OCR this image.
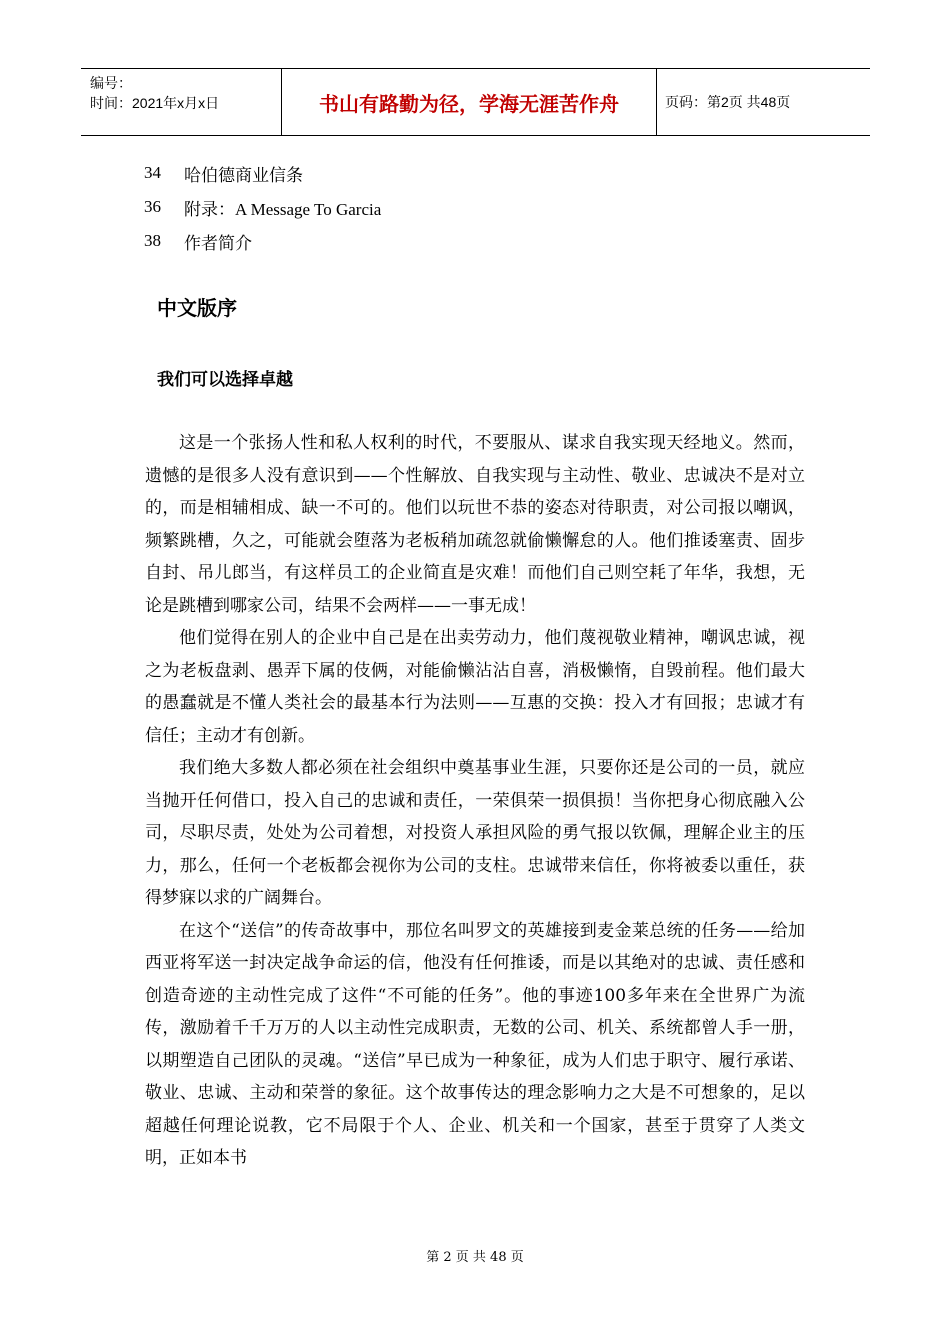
编号：
时间：2021年x月x日	书山有路勤为径，学海无涯苦作舟	页码：第2页 共48页
34	哈伯德商业信条
36	附录：A Message To Garcia
38	作者简介
中文版序
我们可以选择卓越

这是一个张扬人性和私人权利的时代，不要服从、谋求自我实现天经地义。然而，遗憾的是很多人没有意识到——个性解放、自我实现与主动性、敬业、忠诚决不是对立的，而是相辅相成、缺一不可的。他们以玩世不恭的姿态对待职责，对公司报以嘲讽，频繁跳槽，久之，可能就会堕落为老板稍加疏忽就偷懒懈怠的人。他们推诿塞责、固步自封、吊儿郎当，有这样员工的企业简直是灾难！而他们自己则空耗了年华，我想，无论是跳槽到哪家公司，结果不会两样——一事无成！

他们觉得在别人的企业中自己是在出卖劳动力，他们蔑视敬业精神，嘲讽忠诚，视之为老板盘剥、愚弄下属的伎俩，对能偷懒沾沾自喜，消极懒惰，自毁前程。他们最大的愚蠢就是不懂人类社会的最基本行为法则——互惠的交换：投入才有回报；忠诚才有信任；主动才有创新。

我们绝大多数人都必须在社会组织中奠基事业生涯，只要你还是公司的一员，就应当抛开任何借口，投入自己的忠诚和责任，一荣俱荣一损俱损！当你把身心彻底融入公司，尽职尽责，处处为公司着想，对投资人承担风险的勇气报以钦佩，理解企业主的压力，那么，任何一个老板都会视你为公司的支柱。忠诚带来信任，你将被委以重任，获得梦寐以求的广阔舞台。

在这个“送信”的传奇故事中，那位名叫罗文的英雄接到麦金莱总统的任务——给加西亚将军送一封决定战争命运的信，他没有任何推诿，而是以其绝对的忠诚、责任感和创造奇迹的主动性完成了这件“不可能的任务”。他的事迹100多年来在全世界广为流传，激励着千千万万的人以主动性完成职责，无数的公司、机关、系统都曾人手一册，以期塑造自己团队的灵魂。“送信”早已成为一种象征，成为人们忠于职守、履行承诺、敬业、忠诚、主动和荣誉的象征。这个故事传达的理念影响力之大是不可想象的，足以超越任何理论说教，它不局限于个人、企业、机关和一个国家，甚至于贯穿了人类文明，正如本书

第 2 页 共 48 页
